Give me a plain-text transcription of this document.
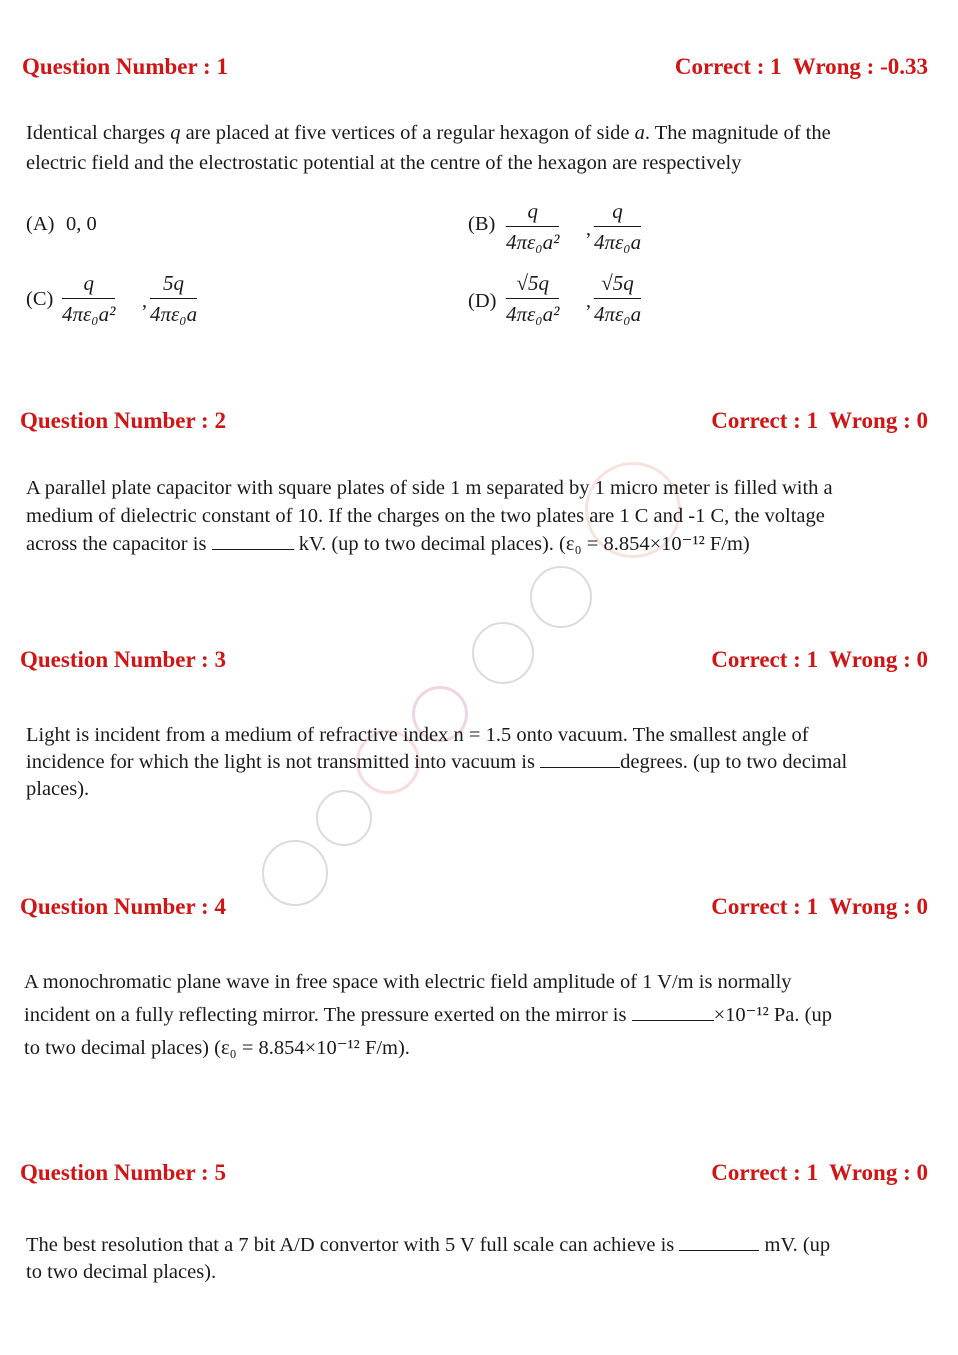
Question Number : 1	Correct : 1  Wrong : -0.33
Identical charges q are placed at five vertices of a regular hexagon of side a. The magnitude of the
electric field and the electrostatic potential at the centre of the hexagon are respectively
(A) 0, 0	$(B) \frac{q}{\text{4πε₀a²}}$ , $\frac{q}{\text{4πε₀a}}$
$(C) \frac{q}{\text{4πε₀a²}}$ , $\frac{5q}{\text{4πε₀a}}$	$(D) \frac{√5q}{\text{4πε₀a²}}$ , $\frac{√5q}{\text{4πε₀a}}$
Question Number : 2	Correct : 1  Wrong : 0
A parallel plate capacitor with square plates of side 1 m separated by 1 micro meter is filled with a
medium of dielectric constant of 10. If the charges on the two plates are 1 C and -1 C, the voltage
across the capacitor is	kV. (up to two decimal places). (ε₀ = 8.854×10⁻¹² F/m)
Question Number : 3	Correct : 1  Wrong : 0
Light is incident from a medium of refractive index n = 1.5 onto vacuum. The smallest angle of
incidence for which the light is not transmitted into vacuum is	degrees. (up to two decimal
places).
Question Number : 4	Correct : 1  Wrong : 0
A monochromatic plane wave in free space with electric field amplitude of 1 V/m is normally
incident on a fully reflecting mirror. The pressure exerted on the mirror is	×10⁻¹² Pa. (up
to two decimal places) (ε₀ = 8.854×10⁻¹² F/m).
Question Number : 5	Correct : 1  Wrong : 0
The best resolution that a 7 bit A/D convertor with 5 V full scale can achieve is	mV. (up
to two decimal places).
